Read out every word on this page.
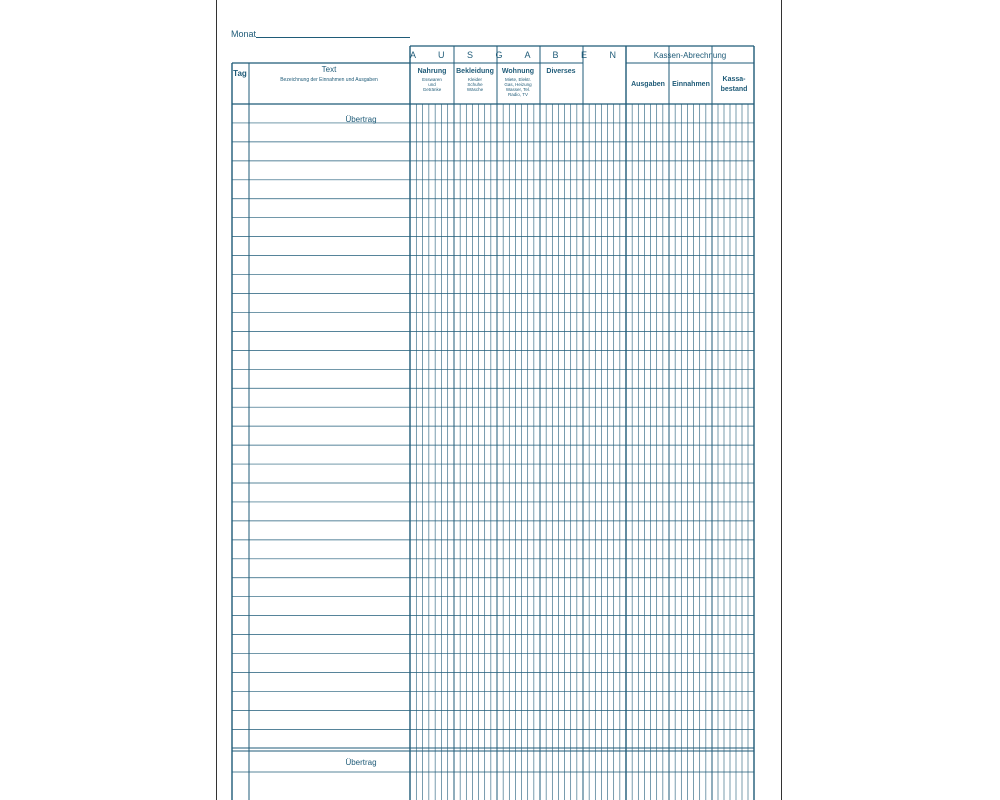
Monat
Tag	Text
Bezeichnung der Einnahmen und Ausgaben
A U S G A B E N	Kassen-Abrechnung
Nahrung
Esswaren
und
Getränke
Bekleidung
Kleider
Schuhe
Wäsche
Wohnung
Miete, Elektr.
Gas, Heizung
Wasser, Tel.
Radio, TV
Diverses
Ausgaben Einnahmen
Kassa-
bestand
Übertrag
Übertrag
